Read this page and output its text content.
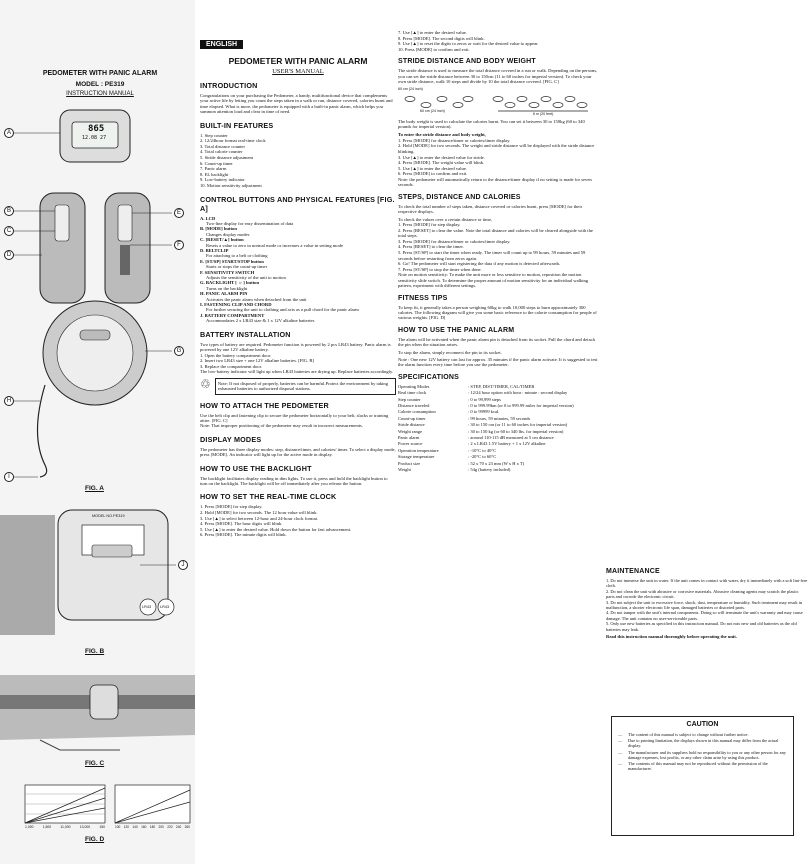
PEDOMETER WITH PANIC ALARM
MODEL : PE319
INSTRUCTION MANUAL
865
12.08 27
A
B
C
D
E
F
G
H
I
FIG. A
MODEL NO.PE319
J
LR43 LR43
FIG. B
FIG. C
1,000	1,500	11,000	13,000	150	100 120 140 160 180 200 220 240 260
FIG. D
ENGLISH
PEDOMETER WITH PANIC ALARM
USER'S MANUAL
INTRODUCTION

Congratulations on your purchasing the Pedometer, a handy, multifunctional device that complements your active life by letting you count the steps taken in a walk or run, distance covered, calories burnt and time elapsed. What is more, the pedometer is equipped with a built-in panic alarm, which helps you summon attention loud and clear in time of need.

BUILT-IN FEATURES
1. Step counter
2. 12/24hour format real-time clock
3. Total distance counter
4. Total calorie counter
5. Stride distance adjustment
6. Count-up timer
7. Panic alarm
8. EL backlight
9. Low-battery indicator
10. Motion sensitivity adjustment
CONTROL BUTTONS AND PHYSICAL FEATURES [FIG. A]
A. LCD
Two-line display for easy dissemination of data
B. [MODE] button
Changes display modes
C. [RESET/▲] button
Resets a value to zero in normal mode or increases a value in setting mode
D. BELTCLIP
For attaching to a belt or clothing
E. [ST/SP] START/STOP button
Starts or stops the count-up timer
F. SENSITIVITY SWITCH
Adjusts the sensitivity of the unit to motion
G. BACKLIGHT [ ☼ ] button
Turns on the backlight
H. PANIC ALARM PIN
Activates the panic alarm when detached from the unit
I. FASTENING CLIP AND CHORD
For further securing the unit to clothing and acts as a pull chord for the panic alarm
J. BATTERY COMPARTMENT
Accommodates 2 x LR43 size & 1 x 12V alkaline batteries
BATTERY INSTALLATION

Two types of battery are required. Pedometer function is powered by 2 pcs LR43 battery. Panic alarm is powered by one 12V alkaline battery.

1. Open the battery compartment door.
2. Insert two LR43 size + one 12V alkaline batteries. [FIG. B]
3. Replace the compartment door.

The low-battery indicator will light up when LR43 batteries are drying up. Replace batteries accordingly.

♲	Note: If not disposed of properly, batteries can be harmful.Protect the environment by taking exhausted batteries to authorized disposal stations.

HOW TO ATTACH THE PEDOMETER

Use the belt clip and fastening clip to secure the pedometer horizontally to your belt, slacks or training attire. [FIG. C]

Note: That improper positioning of the pedometer may result in incorrect measurements.

DISPLAY MODES

The pedometer has three display modes: step, distance/timer, and calories/ timer. To select a display mode, press [MODE]. An indicator will light up for the active mode in display.

HOW TO USE THE BACKLIGHT

The backlight facilitates display reading in dim lights. To use it, press and hold the backlight button to turn on the backlight. The backlight will be off immediately after you release the button.

HOW TO SET THE REAL-TIME CLOCK
1. Press [MODE] for step display.
2. Hold [MODE] for two seconds. The 12 hour value will blink.
3. Use [▲] to select between 12-hour and 24-hour clock format.
4. Press [MODE]. The hour digits will blink.
5. Use [▲] to enter the desired value. Hold down the button for fast advancement.
6. Press [MODE]. The minute digits will blink.
7. Use [▲] to enter the desired value.
8. Press [MODE]. The second digits will blink.
9. Use [▲] to reset the digits to zeros or wait for the desired value to appear.
10. Press [MODE] to confirm and exit.
STRIDE DISTANCE AND BODY WEIGHT

The stride distance is used to measure the total distance covered in a run or walk. Depending on the persons, you can set the stride distance between 30 to 150cm (11 to 60 inches for imperial version). To check your own stride distance, walk 10 steps and divide by 10 the total distance covered. [FIG. C]

60 cm (24 inch)
60 cm (24 inch)
6 m (20 feet)

The body weight is used to calculate the calories burnt. You can set it between 30 to 150kg (60 to 340 pounds for imperial version).

To enter the stride distance and body weight,
1. Press [MODE] for distance/timer or calories/timer display.
2. Hold [MODE] for two seconds. The weight and stride distance will be displayed with the stride distance blinking.
3. Use [▲] to enter the desired value for stride.
4. Press [MODE]. The weight value will blink.
5. Use [▲] to enter the desired value.
6. Press [MODE] to confirm and exit.

Note: the pedometer will automatically return to the distance/timer display if no setting is made for seven seconds.

STEPS, DISTANCE AND CALORIES

To check the total number of steps taken, distance covered or calories burnt, press [MODE] for their respective displays.

To check the values over a certain distance or time,

1. Press [MODE] for step display.
2. Press [RESET] to clear the value. Note the total distance and calories will be cleared alongside with the total steps.
3. Press [MODE] for distance/timer or calories/timer display.
4. Press [RESET] to clear the timer.
5. Press [ST/SP] to start the timer when ready. The timer will count up to 99 hours, 59 minutes and 59 seconds before restarting from zeros again.
6. Go! The pedometer will start registering the data if any motion is detected afterwards.
7. Press [ST/SP] to stop the timer when done.

Note on motion sensitivity: To make the unit more or less sensitive to motion, reposition the motion sensitivity slide switch. To determine the proper amount of motion sensitivity for an individual walking pattern, experiment with different settings.

FITNESS TIPS

To keep fit, it generally takes a person weighing 60kg to walk 10,000 steps to burn approximately 300 calories. The following diagram will give you some basic reference to the calorie consumption for people of various weights. [FIG. D]

HOW TO USE THE PANIC ALARM

The alarm will be activated when the panic alarm pin is detached from its socket. Pull the chord and detach the pin when the situation arises.

To stop the alarm, simply reconnect the pin to its socket.

Note : One new 12V battery can last for approx. 35 minutes if the panic alarm activate. It is suggested to test the alarm function every time before you use the pedometer.

SPECIFICATIONS
Operating Modes	: STEP, DIST/TIMER, CAL/TIMER
Real time clock	: 12/24 hour option with hour : minute : second display
Step counter	: 0 to 99,999 steps
Distance traveled	: 0 to 999.99km (or 0 to 999.99 miles for imperial version)
Calorie consumption	: 0 to 99999 kcal.
Count-up timer	: 99 hours, 59 minutes, 59 seconds
Stride distance	: 30 to 150 cm (or 11 to 60 inches for imperial version)
Weight range	: 30 to 150 kg (or 60 to 340 lbs. for imperial version)
Panic alarm	: around 110-115 dB measured at 5 cm distance
Power source	: 2 x LR43 1.5V battery + 1 x 12V alkaline
Operation temperature	: -10°C to 40°C
Storage temperature	: -20°C to 60°C
Product size	: 52 x 70 x 23 mm (W x H x T)
Weight	: 54g (battery included)
MAINTENANCE
1. Do not immerse the unit in water. If the unit comes in contact with water, dry it immediately with a soft lint-free cloth.
2. Do not clean the unit with abrasive or corrosive materials. Abrasive cleaning agents may scratch the plastic parts and corrode the electronic circuit.
3. Do not subject the unit to excessive force, shock, dust, temperature or humidity. Such treatment may result in malfunction, a shorter electronic life span, damaged batteries or distorted parts.
4. Do not tamper with the unit's internal components. Doing so will terminate the unit's warranty and may cause damage. The unit contains no user-serviceable parts.
5. Only use new batteries as specified in this instruction manual. Do not mix new and old batteries as the old batteries may leak.

Read this instruction manual thoroughly before operating the unit.

CAUTION
— The content of this manual is subject to change without further notice.
— Due to printing limitation, the displays shown in this manual may differ from the actual display.
— The manufacturer and its suppliers hold no responsibility to you or any other person for any damage expenses, lost profits, or any other claim arise by using this product.
— The contents of this manual may not be reproduced without the permission of the manufacturer.
